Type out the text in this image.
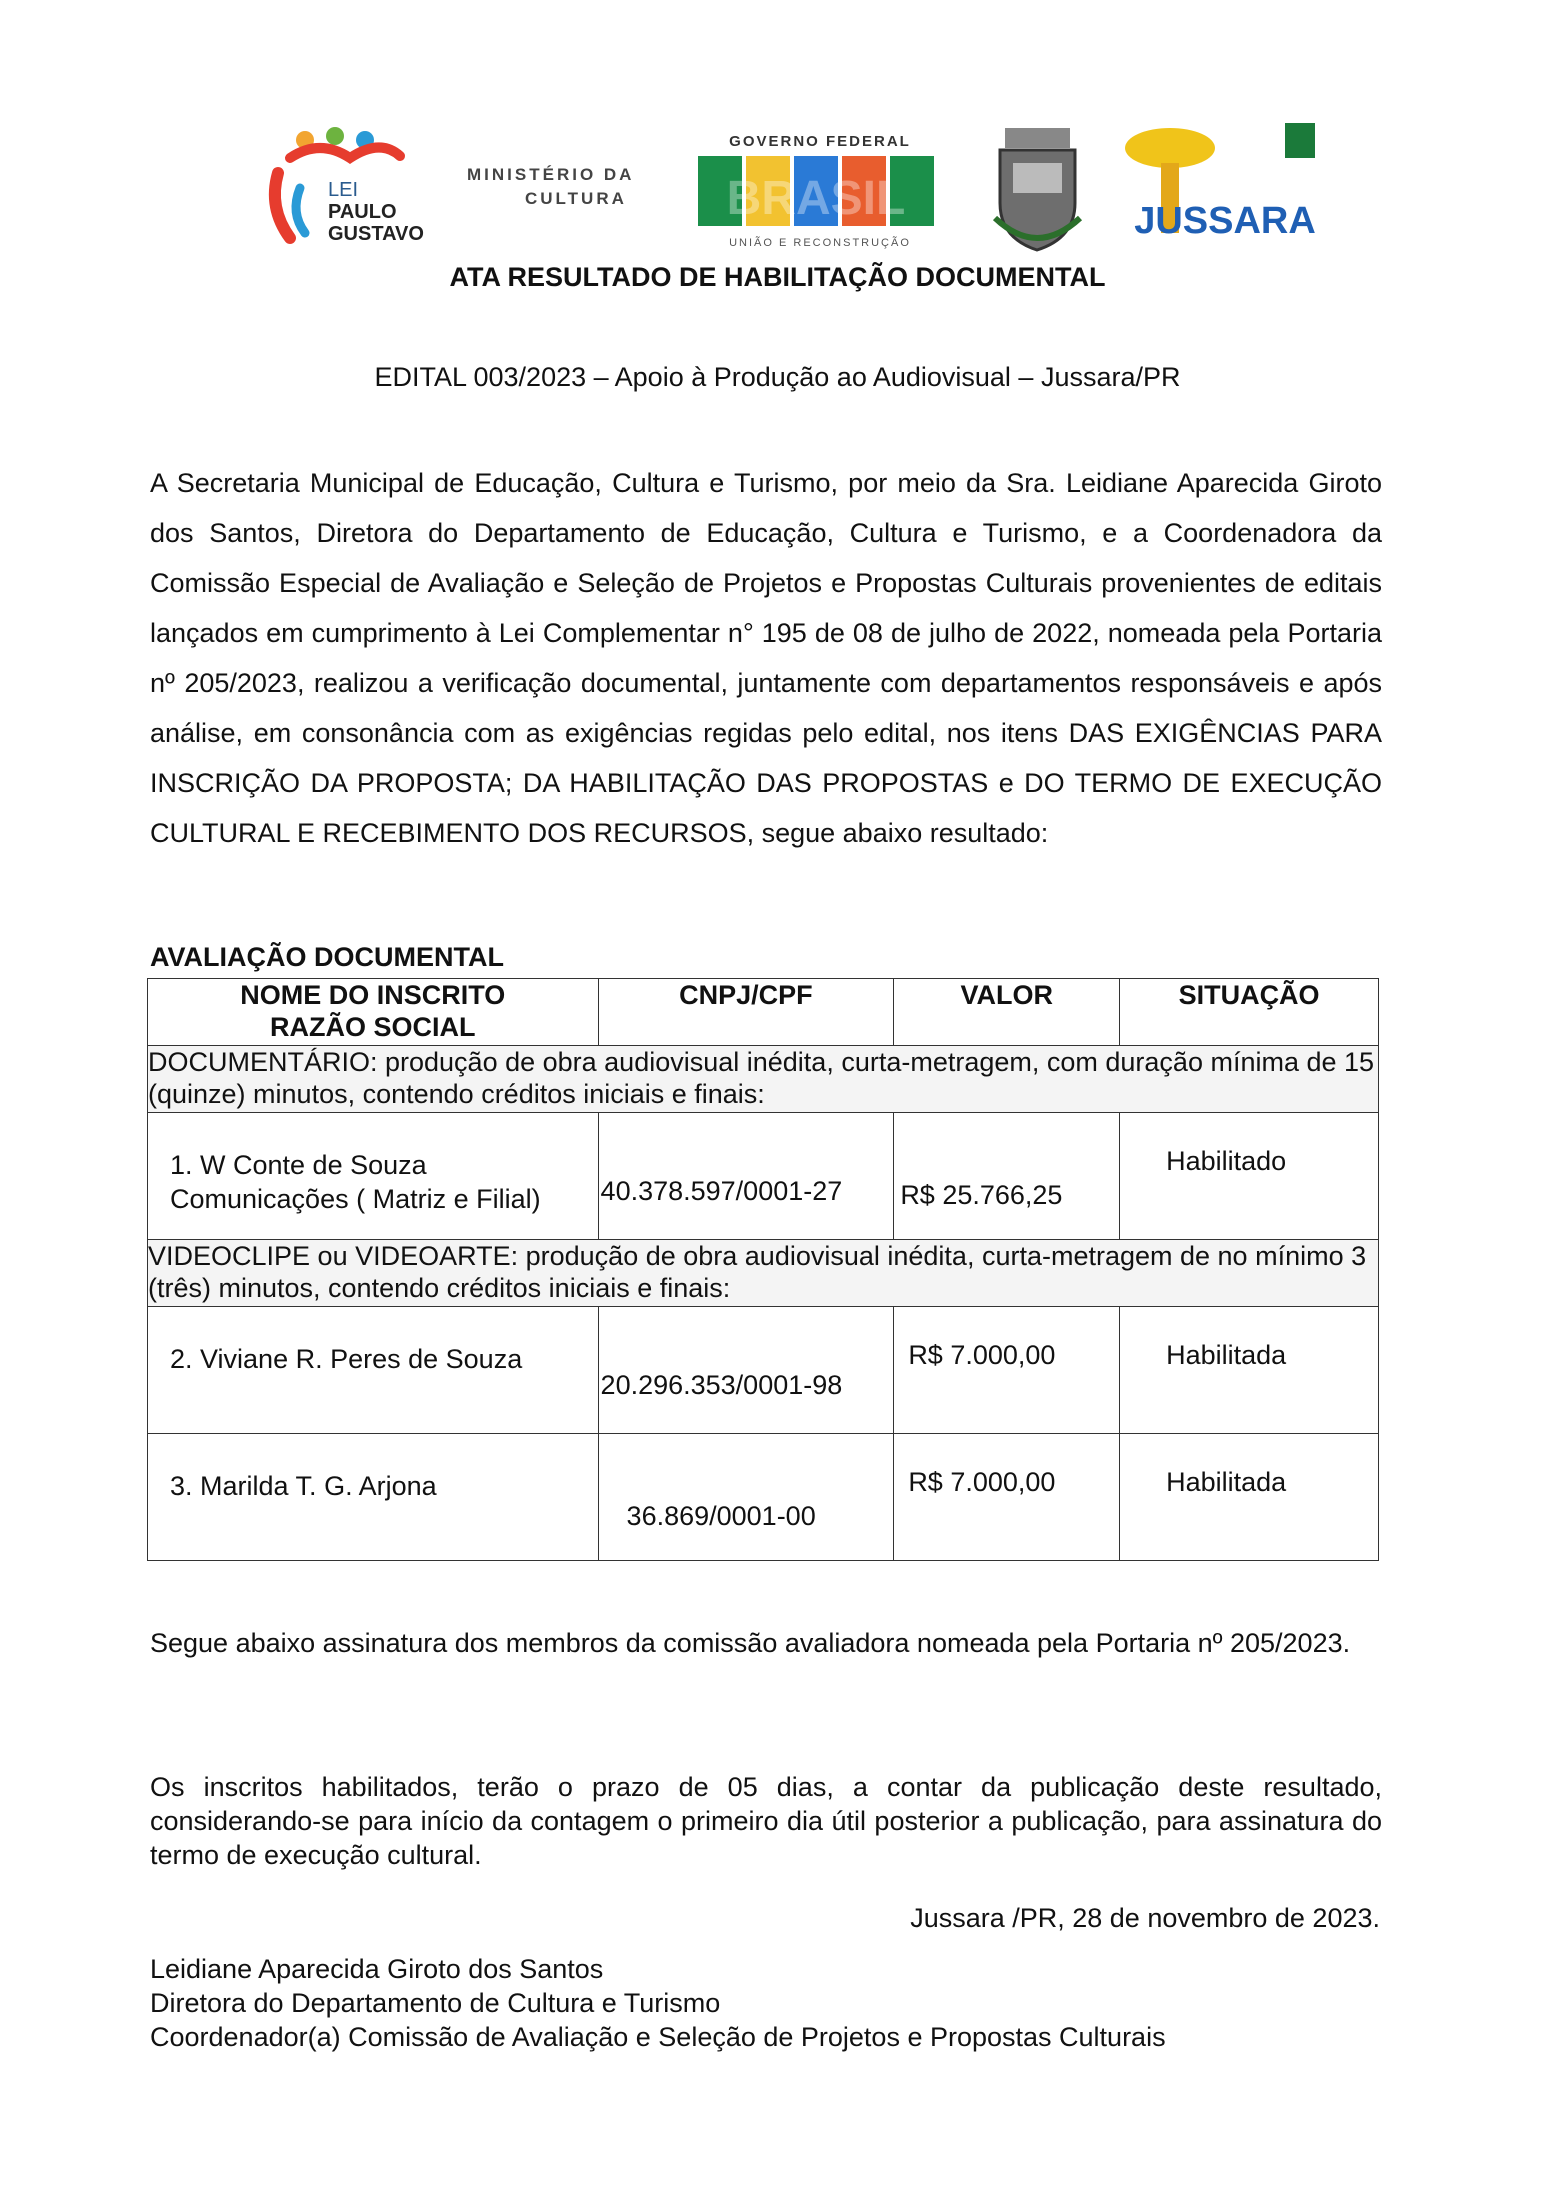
LEI
PAULO
GUSTAVO
MINISTÉRIO DA
CULTURA
GOVERNO FEDERAL
BRASIL
UNIÃO E RECONSTRUÇÃO
JUSSARA
ATA RESULTADO DE HABILITAÇÃO DOCUMENTAL

EDITAL 003/2023 – Apoio à Produção ao Audiovisual – Jussara/PR

A Secretaria Municipal de Educação, Cultura e Turismo, por meio da Sra. Leidiane Aparecida Giroto dos Santos, Diretora do Departamento de Educação, Cultura e Turismo, e a Coordenadora da Comissão Especial de Avaliação e Seleção de Projetos e Propostas Culturais provenientes de editais lançados em cumprimento à Lei Complementar n° 195 de 08 de julho de 2022, nomeada pela Portaria nº 205/2023, realizou a verificação documental, juntamente com departamentos responsáveis e após análise, em consonância com as exigências regidas pelo edital, nos itens DAS EXIGÊNCIAS PARA INSCRIÇÃO DA PROPOSTA; DA HABILITAÇÃO DAS PROPOSTAS e DO TERMO DE EXECUÇÃO CULTURAL E RECEBIMENTO DOS RECURSOS, segue abaixo resultado:

AVALIAÇÃO DOCUMENTAL
NOME DO INSCRITO
RAZÃO SOCIAL	CNPJ/CPF	VALOR	SITUAÇÃO
DOCUMENTÁRIO: produção de obra audiovisual inédita, curta-metragem, com duração mínima de 15 (quinze) minutos, contendo créditos iniciais e finais:			

1. W Conte de Souza
Comunicações ( Matriz e Filial)	40.378.597/0001-27	R$ 25.766,25	Habilitado

VIDEOCLIPE ou VIDEOARTE: produção de obra audiovisual inédita, curta-metragem de no mínimo 3 (três) minutos, contendo créditos iniciais e finais:			

2. Viviane R. Peres de Souza	20.296.353/0001-98	R$ 7.000,00	Habilitada

3. Marilda T. G. Arjona	36.869/0001-00	R$ 7.000,00	Habilitada

Segue abaixo assinatura dos membros da comissão avaliadora nomeada pela Portaria nº 205/2023.

Os inscritos habilitados, terão o prazo de 05 dias, a contar da publicação deste resultado, considerando-se para início da contagem o primeiro dia útil posterior a publicação, para assinatura do termo de execução cultural.

Jussara /PR, 28 de novembro de 2023.

Leidiane Aparecida Giroto dos Santos
Diretora do Departamento de Cultura e Turismo
Coordenador(a) Comissão de Avaliação e Seleção de Projetos e Propostas Culturais
